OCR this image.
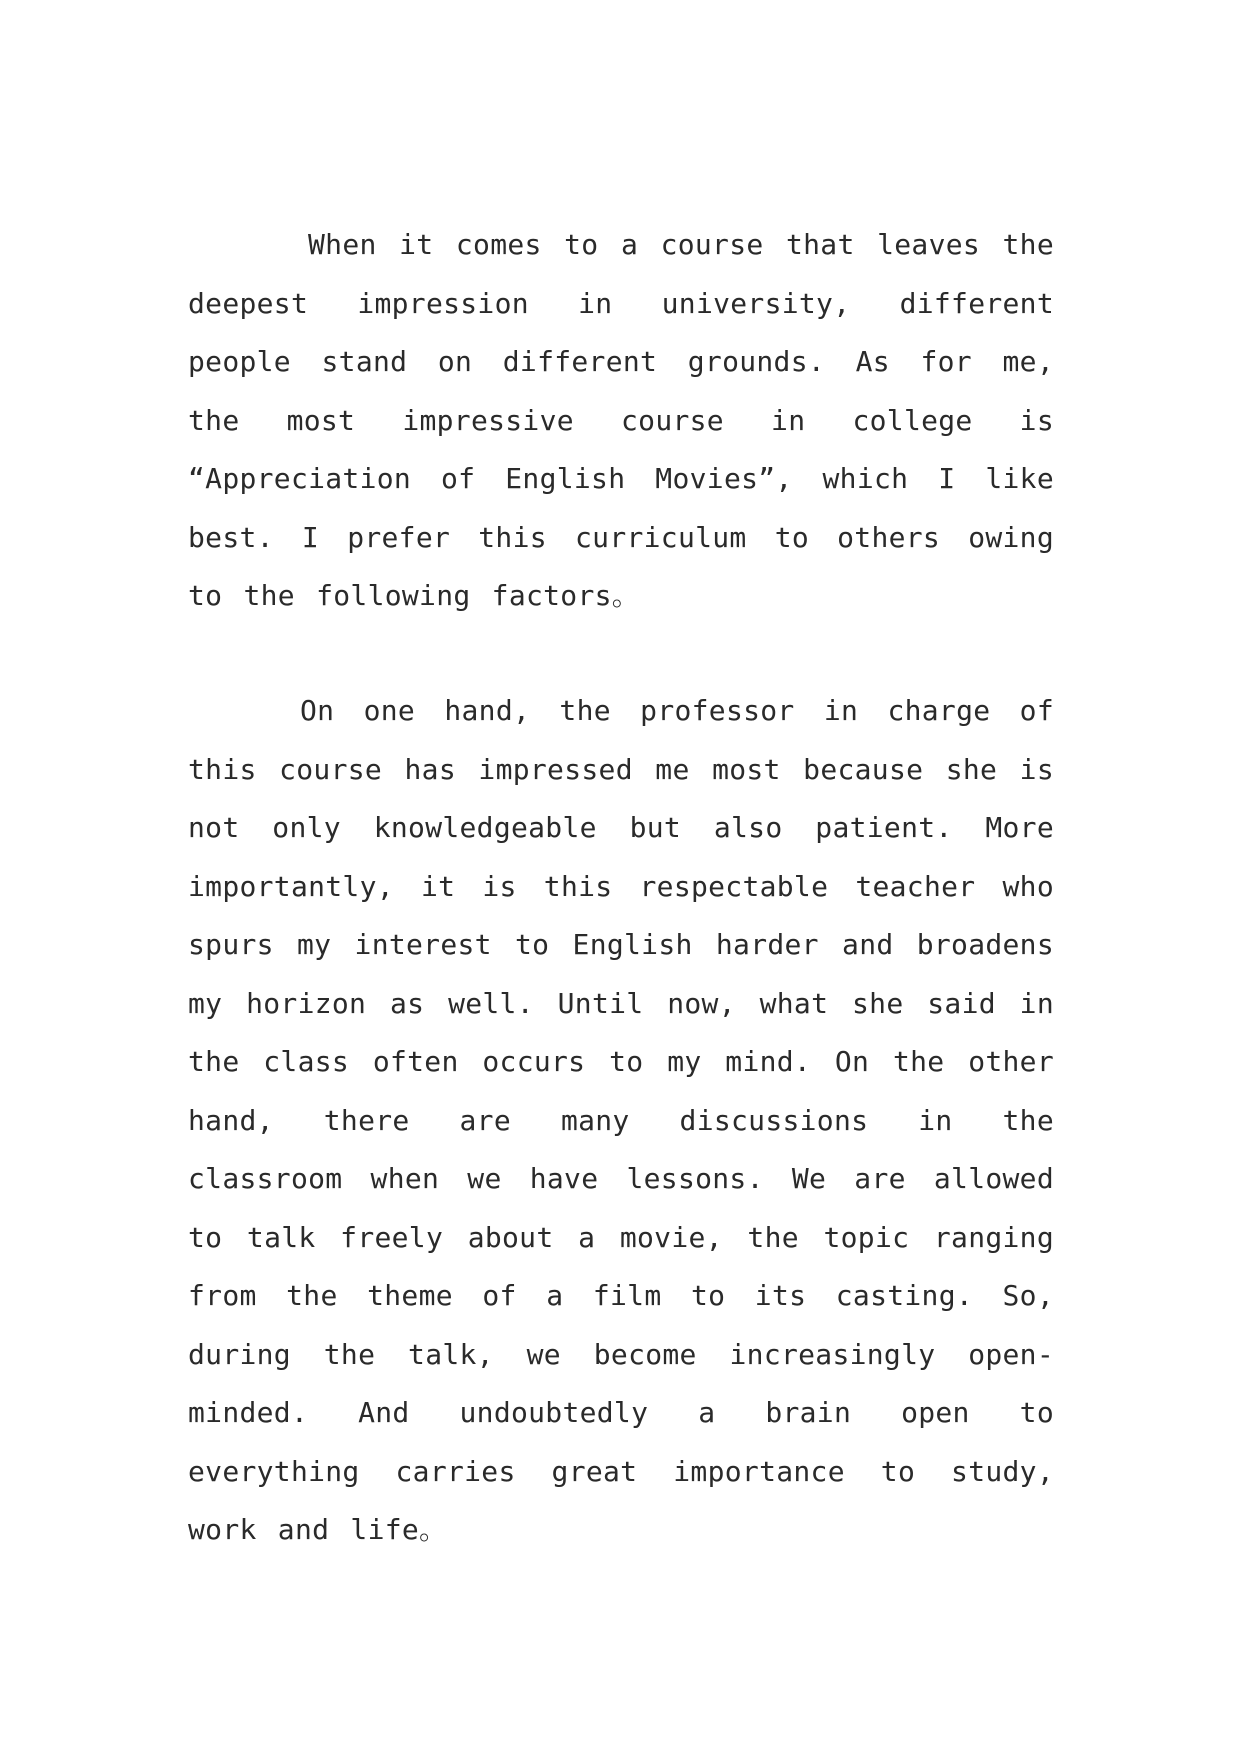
When it comes to a course that leaves the deepest impression in university, different people stand on different grounds. As for me, the most impressive course in college is “Appreciation of English Movies”, which I like best. I prefer this curriculum to others owing to the following factors。

On one hand, the professor in charge of this course has impressed me most because she is not only knowledgeable but also patient. More importantly, it is this respectable teacher who spurs my interest to English harder and broadens my horizon as well. Until now, what she said in the class often occurs to my mind. On the other hand, there are many discussions in the classroom when we have lessons. We are allowed to talk freely about a movie, the topic ranging from the theme of a film to its casting. So, during the talk, we become increasingly open-minded. And undoubtedly a brain open to everything carries great importance to study, work and life。
